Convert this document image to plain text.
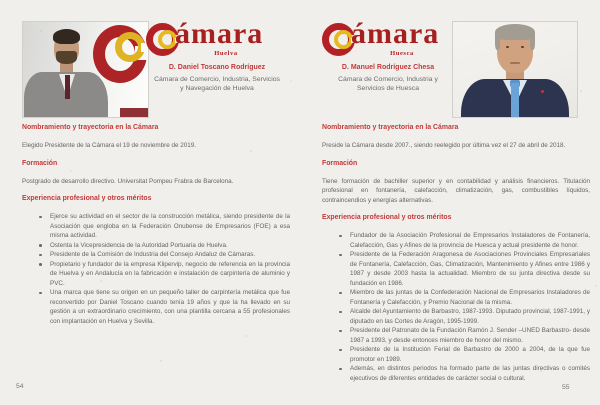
ámara
Huelva
D. Daniel Toscano Rodríguez
Cámara de Comercio, Industria, Servicios
y Navegación de Huelva
Nombramiento y trayectoria en la Cámara

Elegido Presidente de la Cámara el 19 de noviembre de 2019.

Formación

Postgrado de desarrollo directivo. Universitat Pompeu Frabra de Barcelona.

Experiencia profesional y otros méritos
Ejerce su actividad en el sector de la construcción metálica, siendo presidente de la Asociación que engloba en la Federación Onubense de Empresarios (FOE) a esa misma actividad.
Ostenta la Vicepresidencia de la Autoridad Portuaria de Huelva.
Presidente de la Comisión de Industria del Consejo Andaluz de Cámaras.
Propietario y fundador de la empresa Klipervip, negocio de referencia en la provincia de Huelva y en Andalucía en la fabricación e instalación de carpintería de aluminio y PVC.
Una marca que tiene su origen en un pequeño taller de carpintería metálica que fue reconvertido por Daniel Toscano cuando tenía 19 años y que la ha llevado en su gestión a un extraordinario crecimiento, con una plantilla cercana a 55 profesionales con implantación en Huelva y Sevilla.
54
ámara
Huesca
D. Manuel Rodríguez Chesa
Cámara de Comercio, Industria y
Servicios de Huesca
Nombramiento y trayectoria en la Cámara

Preside la Cámara desde 2007., siendo reelegido por última vez el 27 de abril de 2018.

Formación

Tiene formación de bachiller superior y en contabilidad y análisis financieros. Titulación profesional en fontanería, calefacción, climatización, gas, combustibles líquidos, contraincendios y energías alternativas.

Experiencia profesional y otros méritos
Fundador de la Asociación Profesional de Empresarios Instaladores de Fontanería, Calefacción, Gas y Afines de la provincia de Huesca y actual presidente de honor.
Presidente de la Federación Aragonesa de Asociaciones Provinciales Empresariales de Fontanería, Calefacción, Gas, Climatización, Mantenimiento y Afines entre 1986 y 1987 y desde 2003 hasta la actualidad. Miembro de su junta directiva desde su fundación en 1986.
Miembro de las juntas de la Confederación Nacional de Empresarios Instaladores de Fontanería y Calefacción, y Premio Nacional de la misma.
Alcalde del Ayuntamiento de Barbastro, 1987-1993. Diputado provincial, 1987-1991, y diputado en las Cortes de Aragón, 1995-1999.
Presidente del Patronato de la Fundación Ramón J. Sender –UNED Barbastro- desde 1987 a 1993, y desde entonces miembro de honor del mismo.
Presidente de la Institución Ferial de Barbastro de 2000 a 2004, de la que fue promotor en 1989.
Además, en distintos periodos ha formado parte de las juntas directivas o comités ejecutivos de diferentes entidades de carácter social o cultural.
55
